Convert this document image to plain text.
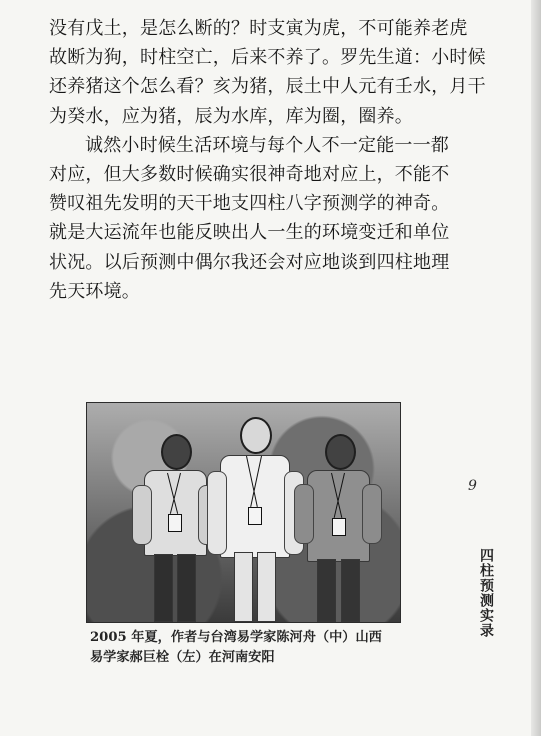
没有戊土，是怎么断的？时支寅为虎，不可能养老虎
故断为狗，时柱空亡，后来不养了。罗先生道：小时候
还养猪这个怎么看？亥为猪，辰土中人元有壬水，月干
为癸水，应为猪，辰为水库，库为圈，圈养。

诚然小时候生活环境与每个人不一定能一一都
对应，但大多数时候确实很神奇地对应上，不能不
赞叹祖先发明的天干地支四柱八字预测学的神奇。
就是大运流年也能反映出人一生的环境变迁和单位
状况。以后预测中偶尔我还会对应地谈到四柱地理
先天环境。

2005 年夏，作者与台湾易学家陈河舟（中）山西
易学家郝巨栓（左）在河南安阳
9
四柱预测实录
